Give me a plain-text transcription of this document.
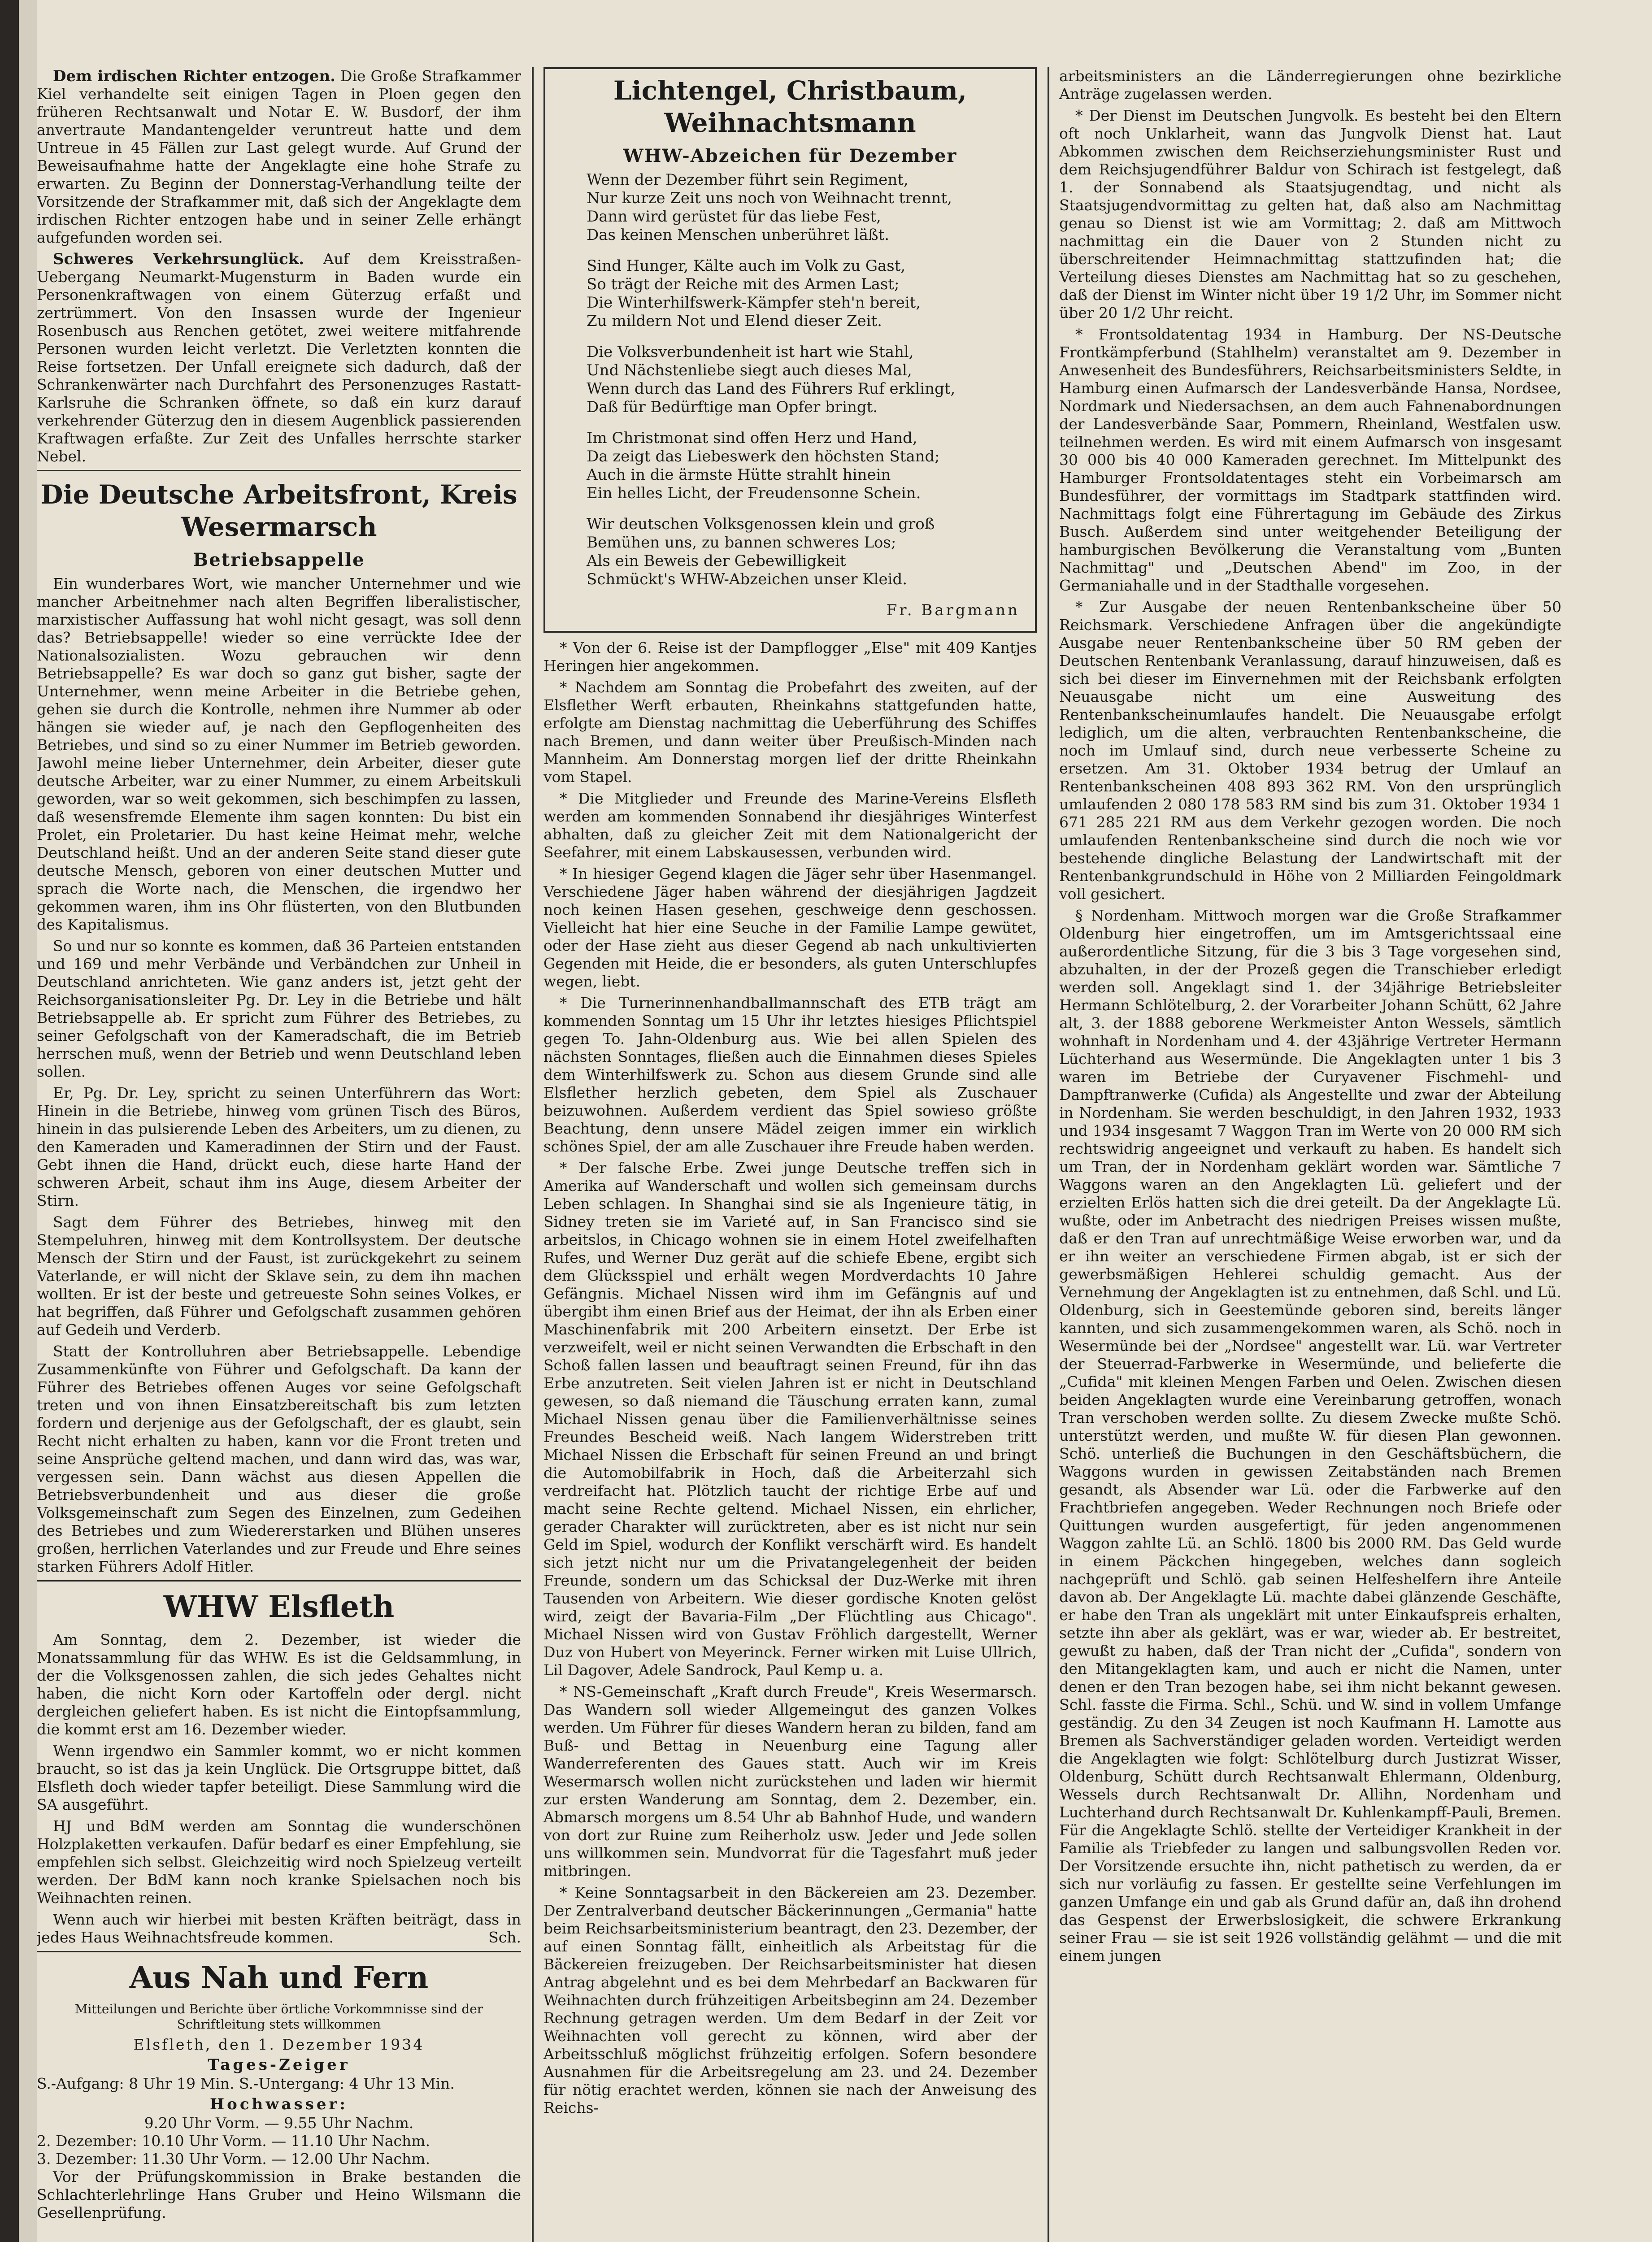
Dem irdischen Richter entzogen. Die Große Strafkammer Kiel verhandelte seit einigen Tagen in Ploen gegen den früheren Rechtsanwalt und Notar E. W. Busdorf, der ihm anvertraute Mandantengelder veruntreut hatte und dem Untreue in 45 Fällen zur Last gelegt wurde. Auf Grund der Beweisaufnahme hatte der Angeklagte eine hohe Strafe zu erwarten. Zu Beginn der Donnerstag-Verhandlung teilte der Vorsitzende der Strafkammer mit, daß sich der Angeklagte dem irdischen Richter entzogen habe und in seiner Zelle erhängt aufgefunden worden sei.

Schweres Verkehrsunglück. Auf dem Kreisstraßen-Uebergang Neumarkt-Mugensturm in Baden wurde ein Personenkraftwagen von einem Güterzug erfaßt und zertrümmert. Von den Insassen wurde der Ingenieur Rosenbusch aus Renchen getötet, zwei weitere mitfahrende Personen wurden leicht verletzt. Die Verletzten konnten die Reise fortsetzen. Der Unfall ereignete sich dadurch, daß der Schrankenwärter nach Durchfahrt des Personenzuges Rastatt-Karlsruhe die Schranken öffnete, so daß ein kurz darauf verkehrender Güterzug den in diesem Augenblick passierenden Kraftwagen erfaßte. Zur Zeit des Unfalles herrschte starker Nebel.

Die Deutsche Arbeitsfront, Kreis Wesermarsch
Betriebsappelle

Ein wunderbares Wort, wie mancher Unternehmer und wie mancher Arbeitnehmer nach alten Begriffen liberalistischer, marxistischer Auffassung hat wohl nicht gesagt, was soll denn das? Betriebsappelle! wieder so eine verrückte Idee der Nationalsozialisten. Wozu gebrauchen wir denn Betriebsappelle? Es war doch so ganz gut bisher, sagte der Unternehmer, wenn meine Arbeiter in die Betriebe gehen, gehen sie durch die Kontrolle, nehmen ihre Nummer ab oder hängen sie wieder auf, je nach den Gepflogenheiten des Betriebes, und sind so zu einer Nummer im Betrieb geworden. Jawohl meine lieber Unternehmer, dein Arbeiter, dieser gute deutsche Arbeiter, war zu einer Nummer, zu einem Arbeitskuli geworden, war so weit gekommen, sich beschimpfen zu lassen, daß wesensfremde Elemente ihm sagen konnten: Du bist ein Prolet, ein Proletarier. Du hast keine Heimat mehr, welche Deutschland heißt. Und an der anderen Seite stand dieser gute deutsche Mensch, geboren von einer deutschen Mutter und sprach die Worte nach, die Menschen, die irgendwo her gekommen waren, ihm ins Ohr flüsterten, von den Blutbunden des Kapitalismus.

So und nur so konnte es kommen, daß 36 Parteien entstanden und 169 und mehr Verbände und Verbändchen zur Unheil in Deutschland anrichteten. Wie ganz anders ist, jetzt geht der Reichsorganisationsleiter Pg. Dr. Ley in die Betriebe und hält Betriebsappelle ab. Er spricht zum Führer des Betriebes, zu seiner Gefolgschaft von der Kameradschaft, die im Betrieb herrschen muß, wenn der Betrieb und wenn Deutschland leben sollen.

Er, Pg. Dr. Ley, spricht zu seinen Unterführern das Wort: Hinein in die Betriebe, hinweg vom grünen Tisch des Büros, hinein in das pulsierende Leben des Arbeiters, um zu dienen, zu den Kameraden und Kameradinnen der Stirn und der Faust. Gebt ihnen die Hand, drückt euch, diese harte Hand der schweren Arbeit, schaut ihm ins Auge, diesem Arbeiter der Stirn.

Sagt dem Führer des Betriebes, hinweg mit den Stempeluhren, hinweg mit dem Kontrollsystem. Der deutsche Mensch der Stirn und der Faust, ist zurückgekehrt zu seinem Vaterlande, er will nicht der Sklave sein, zu dem ihn machen wollten. Er ist der beste und getreueste Sohn seines Volkes, er hat begriffen, daß Führer und Gefolgschaft zusammen gehören auf Gedeih und Verderb.

Statt der Kontrolluhren aber Betriebsappelle. Lebendige Zusammenkünfte von Führer und Gefolgschaft. Da kann der Führer des Betriebes offenen Auges vor seine Gefolgschaft treten und von ihnen Einsatzbereitschaft bis zum letzten fordern und derjenige aus der Gefolgschaft, der es glaubt, sein Recht nicht erhalten zu haben, kann vor die Front treten und seine Ansprüche geltend machen, und dann wird das, was war, vergessen sein. Dann wächst aus diesen Appellen die Betriebsverbundenheit und aus dieser die große Volksgemeinschaft zum Segen des Einzelnen, zum Gedeihen des Betriebes und zum Wiedererstarken und Blühen unseres großen, herrlichen Vaterlandes und zur Freude und Ehre seines starken Führers Adolf Hitler.

WHW Elsfleth

Am Sonntag, dem 2. Dezember, ist wieder die Monatssammlung für das WHW. Es ist die Geldsammlung, in der die Volksgenossen zahlen, die sich jedes Gehaltes nicht haben, die nicht Korn oder Kartoffeln oder dergl. nicht dergleichen geliefert haben. Es ist nicht die Eintopfsammlung, die kommt erst am 16. Dezember wieder.

Wenn irgendwo ein Sammler kommt, wo er nicht kommen braucht, so ist das ja kein Unglück. Die Ortsgruppe bittet, daß Elsfleth doch wieder tapfer beteiligt. Diese Sammlung wird die SA ausgeführt.

HJ und BdM werden am Sonntag die wunderschönen Holzplaketten verkaufen. Dafür bedarf es einer Empfehlung, sie empfehlen sich selbst. Gleichzeitig wird noch Spielzeug verteilt werden. Der BdM kann noch kranke Spielsachen noch bis Weihnachten reinen.

Wenn auch wir hierbei mit besten Kräften beiträgt, dass in jedes Haus Weihnachtsfreude kommen.	Sch.

Aus Nah und Fern
Mitteilungen und Berichte über örtliche Vorkommnisse sind der Schriftleitung stets willkommen
Elsfleth, den 1. Dezember 1934
Tages-Zeiger
S.-Aufgang: 8 Uhr 19 Min. S.-Untergang: 4 Uhr 13 Min.
Hochwasser:
9.20 Uhr Vorm. — 9.55 Uhr Nachm.
2. Dezember: 10.10 Uhr Vorm. — 11.10 Uhr Nachm.
3. Dezember: 11.30 Uhr Vorm. — 12.00 Uhr Nachm.

Vor der Prüfungskommission in Brake bestanden die Schlachterlehrlinge Hans Gruber und Heino Wilsmann die Gesellenprüfung.

Lichtengel, Christbaum, Weihnachtsmann
WHW-Abzeichen für Dezember
Wenn der Dezember führt sein Regiment,
Nur kurze Zeit uns noch von Weihnacht trennt,
Dann wird gerüstet für das liebe Fest,
Das keinen Menschen unberühret läßt.
Sind Hunger, Kälte auch im Volk zu Gast,
So trägt der Reiche mit des Armen Last;
Die Winterhilfswerk-Kämpfer steh'n bereit,
Zu mildern Not und Elend dieser Zeit.
Die Volksverbundenheit ist hart wie Stahl,
Und Nächstenliebe siegt auch dieses Mal,
Wenn durch das Land des Führers Ruf erklingt,
Daß für Bedürftige man Opfer bringt.
Im Christmonat sind offen Herz und Hand,
Da zeigt das Liebeswerk den höchsten Stand;
Auch in die ärmste Hütte strahlt hinein
Ein helles Licht, der Freudensonne Schein.
Wir deutschen Volksgenossen klein und groß
Bemühen uns, zu bannen schweres Los;
Als ein Beweis der Gebewilligkeit
Schmückt's WHW-Abzeichen unser Kleid.
Fr. Bargmann

* Von der 6. Reise ist der Dampflogger „Else" mit 409 Kantjes Heringen hier angekommen.

* Nachdem am Sonntag die Probefahrt des zweiten, auf der Elsflether Werft erbauten, Rheinkahns stattgefunden hatte, erfolgte am Dienstag nachmittag die Ueberführung des Schiffes nach Bremen, und dann weiter über Preußisch-Minden nach Mannheim. Am Donnerstag morgen lief der dritte Rheinkahn vom Stapel.

* Die Mitglieder und Freunde des Marine-Vereins Elsfleth werden am kommenden Sonnabend ihr diesjähriges Winterfest abhalten, daß zu gleicher Zeit mit dem Nationalgericht der Seefahrer, mit einem Labskausessen, verbunden wird.

* In hiesiger Gegend klagen die Jäger sehr über Hasenmangel. Verschiedene Jäger haben während der diesjährigen Jagdzeit noch keinen Hasen gesehen, geschweige denn geschossen. Vielleicht hat hier eine Seuche in der Familie Lampe gewütet, oder der Hase zieht aus dieser Gegend ab nach unkultivierten Gegenden mit Heide, die er besonders, als guten Unterschlupfes wegen, liebt.

* Die Turnerinnenhandballmannschaft des ETB trägt am kommenden Sonntag um 15 Uhr ihr letztes hiesiges Pflichtspiel gegen To. Jahn-Oldenburg aus. Wie bei allen Spielen des nächsten Sonntages, fließen auch die Einnahmen dieses Spieles dem Winterhilfswerk zu. Schon aus diesem Grunde sind alle Elsflether herzlich gebeten, dem Spiel als Zuschauer beizuwohnen. Außerdem verdient das Spiel sowieso größte Beachtung, denn unsere Mädel zeigen immer ein wirklich schönes Spiel, der am alle Zuschauer ihre Freude haben werden.

* Der falsche Erbe. Zwei junge Deutsche treffen sich in Amerika auf Wanderschaft und wollen sich gemeinsam durchs Leben schlagen. In Shanghai sind sie als Ingenieure tätig, in Sidney treten sie im Varieté auf, in San Francisco sind sie arbeitslos, in Chicago wohnen sie in einem Hotel zweifelhaften Rufes, und Werner Duz gerät auf die schiefe Ebene, ergibt sich dem Glücksspiel und erhält wegen Mordverdachts 10 Jahre Gefängnis. Michael Nissen wird ihm im Gefängnis auf und übergibt ihm einen Brief aus der Heimat, der ihn als Erben einer Maschinenfabrik mit 200 Arbeitern einsetzt. Der Erbe ist verzweifelt, weil er nicht seinen Verwandten die Erbschaft in den Schoß fallen lassen und beauftragt seinen Freund, für ihn das Erbe anzutreten. Seit vielen Jahren ist er nicht in Deutschland gewesen, so daß niemand die Täuschung erraten kann, zumal Michael Nissen genau über die Familienverhältnisse seines Freundes Bescheid weiß. Nach langem Widerstreben tritt Michael Nissen die Erbschaft für seinen Freund an und bringt die Automobilfabrik in Hoch, daß die Arbeiterzahl sich verdreifacht hat. Plötzlich taucht der richtige Erbe auf und macht seine Rechte geltend. Michael Nissen, ein ehrlicher, gerader Charakter will zurücktreten, aber es ist nicht nur sein Geld im Spiel, wodurch der Konflikt verschärft wird. Es handelt sich jetzt nicht nur um die Privatangelegenheit der beiden Freunde, sondern um das Schicksal der Duz-Werke mit ihren Tausenden von Arbeitern. Wie dieser gordische Knoten gelöst wird, zeigt der Bavaria-Film „Der Flüchtling aus Chicago". Michael Nissen wird von Gustav Fröhlich dargestellt, Werner Duz von Hubert von Meyerinck. Ferner wirken mit Luise Ullrich, Lil Dagover, Adele Sandrock, Paul Kemp u. a.

* NS-Gemeinschaft „Kraft durch Freude", Kreis Wesermarsch. Das Wandern soll wieder Allgemeingut des ganzen Volkes werden. Um Führer für dieses Wandern heran zu bilden, fand am Buß- und Bettag in Neuenburg eine Tagung aller Wanderreferenten des Gaues statt. Auch wir im Kreis Wesermarsch wollen nicht zurückstehen und laden wir hiermit zur ersten Wanderung am Sonntag, dem 2. Dezember, ein. Abmarsch morgens um 8.54 Uhr ab Bahnhof Hude, und wandern von dort zur Ruine zum Reiherholz usw. Jeder und Jede sollen uns willkommen sein. Mundvorrat für die Tagesfahrt muß jeder mitbringen.

* Keine Sonntagsarbeit in den Bäckereien am 23. Dezember. Der Zentralverband deutscher Bäckerinnungen „Germania" hatte beim Reichsarbeitsministerium beantragt, den 23. Dezember, der auf einen Sonntag fällt, einheitlich als Arbeitstag für die Bäckereien freizugeben. Der Reichsarbeitsminister hat diesen Antrag abgelehnt und es bei dem Mehrbedarf an Backwaren für Weihnachten durch frühzeitigen Arbeitsbeginn am 24. Dezember Rechnung getragen werden. Um dem Bedarf in der Zeit vor Weihnachten voll gerecht zu können, wird aber der Arbeitsschluß möglichst frühzeitig erfolgen. Sofern besondere Ausnahmen für die Arbeitsregelung am 23. und 24. Dezember für nötig erachtet werden, können sie nach der Anweisung des Reichs-

arbeitsministers an die Länderregierungen ohne bezirkliche Anträge zugelassen werden.

* Der Dienst im Deutschen Jungvolk. Es besteht bei den Eltern oft noch Unklarheit, wann das Jungvolk Dienst hat. Laut Abkommen zwischen dem Reichserziehungsminister Rust und dem Reichsjugendführer Baldur von Schirach ist festgelegt, daß 1. der Sonnabend als Staatsjugendtag, und nicht als Staatsjugendvormittag zu gelten hat, daß also am Nachmittag genau so Dienst ist wie am Vormittag; 2. daß am Mittwoch nachmittag ein die Dauer von 2 Stunden nicht zu überschreitender Heimnachmittag stattzufinden hat; die Verteilung dieses Dienstes am Nachmittag hat so zu geschehen, daß der Dienst im Winter nicht über 19 1/2 Uhr, im Sommer nicht über 20 1/2 Uhr reicht.

* Frontsoldatentag 1934 in Hamburg. Der NS-Deutsche Frontkämpferbund (Stahlhelm) veranstaltet am 9. Dezember in Anwesenheit des Bundesführers, Reichsarbeitsministers Seldte, in Hamburg einen Aufmarsch der Landesverbände Hansa, Nordsee, Nordmark und Niedersachsen, an dem auch Fahnenabordnungen der Landesverbände Saar, Pommern, Rheinland, Westfalen usw. teilnehmen werden. Es wird mit einem Aufmarsch von insgesamt 30 000 bis 40 000 Kameraden gerechnet. Im Mittelpunkt des Hamburger Frontsoldatentages steht ein Vorbeimarsch am Bundesführer, der vormittags im Stadtpark stattfinden wird. Nachmittags folgt eine Führertagung im Gebäude des Zirkus Busch. Außerdem sind unter weitgehender Beteiligung der hamburgischen Bevölkerung die Veranstaltung vom „Bunten Nachmittag" und „Deutschen Abend" im Zoo, in der Germaniahalle und in der Stadthalle vorgesehen.

* Zur Ausgabe der neuen Rentenbankscheine über 50 Reichsmark. Verschiedene Anfragen über die angekündigte Ausgabe neuer Rentenbankscheine über 50 RM geben der Deutschen Rentenbank Veranlassung, darauf hinzuweisen, daß es sich bei dieser im Einvernehmen mit der Reichsbank erfolgten Neuausgabe nicht um eine Ausweitung des Rentenbankscheinumlaufes handelt. Die Neuausgabe erfolgt lediglich, um die alten, verbrauchten Rentenbankscheine, die noch im Umlauf sind, durch neue verbesserte Scheine zu ersetzen. Am 31. Oktober 1934 betrug der Umlauf an Rentenbankscheinen 408 893 362 RM. Von den ursprünglich umlaufenden 2 080 178 583 RM sind bis zum 31. Oktober 1934 1 671 285 221 RM aus dem Verkehr gezogen worden. Die noch umlaufenden Rentenbankscheine sind durch die noch wie vor bestehende dingliche Belastung der Landwirtschaft mit der Rentenbankgrundschuld in Höhe von 2 Milliarden Feingoldmark voll gesichert.

§ Nordenham. Mittwoch morgen war die Große Strafkammer Oldenburg hier eingetroffen, um im Amtsgerichtssaal eine außerordentliche Sitzung, für die 3 bis 3 Tage vorgesehen sind, abzuhalten, in der der Prozeß gegen die Transchieber erledigt werden soll. Angeklagt sind 1. der 34jährige Betriebsleiter Hermann Schlötelburg, 2. der Vorarbeiter Johann Schütt, 62 Jahre alt, 3. der 1888 geborene Werkmeister Anton Wessels, sämtlich wohnhaft in Nordenham und 4. der 43jährige Vertreter Hermann Lüchterhand aus Wesermünde. Die Angeklagten unter 1 bis 3 waren im Betriebe der Curyavener Fischmehl- und Dampftranwerke (Cufida) als Angestellte und zwar der Abteilung in Nordenham. Sie werden beschuldigt, in den Jahren 1932, 1933 und 1934 insgesamt 7 Waggon Tran im Werte von 20 000 RM sich rechtswidrig angeeignet und verkauft zu haben. Es handelt sich um Tran, der in Nordenham geklärt worden war. Sämtliche 7 Waggons waren an den Angeklagten Lü. geliefert und der erzielten Erlös hatten sich die drei geteilt. Da der Angeklagte Lü. wußte, oder im Anbetracht des niedrigen Preises wissen mußte, daß er den Tran auf unrechtmäßige Weise erworben war, und da er ihn weiter an verschiedene Firmen abgab, ist er sich der gewerbsmäßigen Hehlerei schuldig gemacht. Aus der Vernehmung der Angeklagten ist zu entnehmen, daß Schl. und Lü. Oldenburg, sich in Geestemünde geboren sind, bereits länger kannten, und sich zusammengekommen waren, als Schö. noch in Wesermünde bei der „Nordsee" angestellt war. Lü. war Vertreter der Steuerrad-Farbwerke in Wesermünde, und belieferte die „Cufida" mit kleinen Mengen Farben und Oelen. Zwischen diesen beiden Angeklagten wurde eine Vereinbarung getroffen, wonach Tran verschoben werden sollte. Zu diesem Zwecke mußte Schö. unterstützt werden, und mußte W. für diesen Plan gewonnen. Schö. unterließ die Buchungen in den Geschäftsbüchern, die Waggons wurden in gewissen Zeitabständen nach Bremen gesandt, als Absender war Lü. oder die Farbwerke auf den Frachtbriefen angegeben. Weder Rechnungen noch Briefe oder Quittungen wurden ausgefertigt, für jeden angenommenen Waggon zahlte Lü. an Schlö. 1800 bis 2000 RM. Das Geld wurde in einem Päckchen hingegeben, welches dann sogleich nachgeprüft und Schlö. gab seinen Helfeshelfern ihre Anteile davon ab. Der Angeklagte Lü. machte dabei glänzende Geschäfte, er habe den Tran als ungeklärt mit unter Einkaufspreis erhalten, setzte ihn aber als geklärt, was er war, wieder ab. Er bestreitet, gewußt zu haben, daß der Tran nicht der „Cufida", sondern von den Mitangeklagten kam, und auch er nicht die Namen, unter denen er den Tran bezogen habe, sei ihm nicht bekannt gewesen. Schl. fasste die Firma. Schl., Schü. und W. sind in vollem Umfange geständig. Zu den 34 Zeugen ist noch Kaufmann H. Lamotte aus Bremen als Sachverständiger geladen worden. Verteidigt werden die Angeklagten wie folgt: Schlötelburg durch Justizrat Wisser, Oldenburg, Schütt durch Rechtsanwalt Ehlermann, Oldenburg, Wessels durch Rechtsanwalt Dr. Allihn, Nordenham und Luchterhand durch Rechtsanwalt Dr. Kuhlenkampff-Pauli, Bremen. Für die Angeklagte Schlö. stellte der Verteidiger Krankheit in der Familie als Triebfeder zu langen und salbungsvollen Reden vor. Der Vorsitzende ersuchte ihn, nicht pathetisch zu werden, da er sich nur vorläufig zu fassen. Er gestellte seine Verfehlungen im ganzen Umfange ein und gab als Grund dafür an, daß ihn drohend das Gespenst der Erwerbslosigkeit, die schwere Erkrankung seiner Frau — sie ist seit 1926 vollständig gelähmt — und die mit einem jungen
